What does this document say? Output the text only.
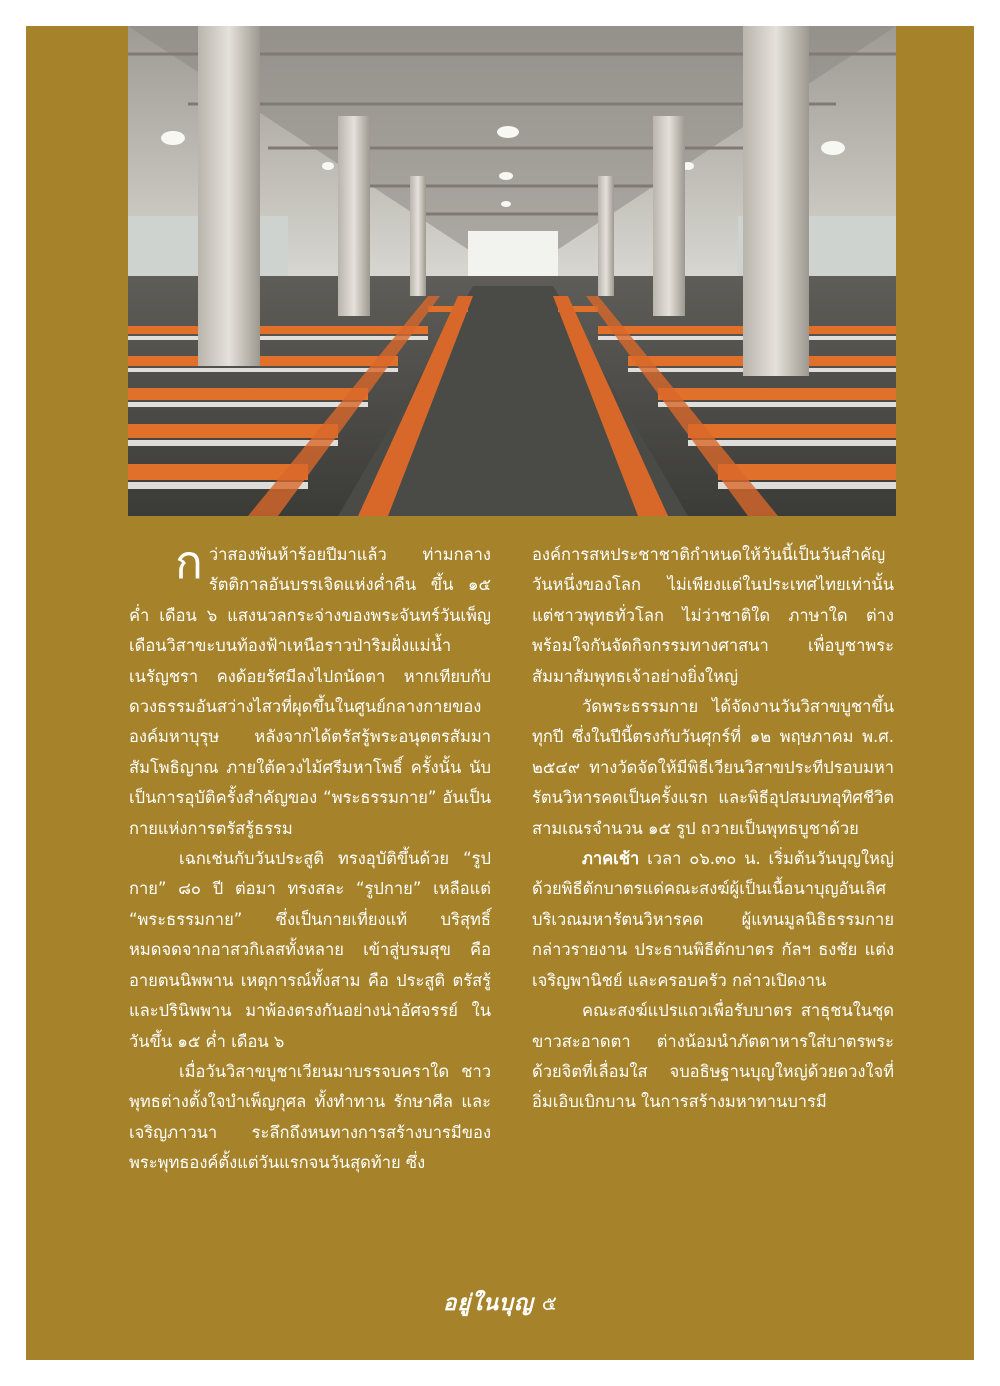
กว่าสองพันห้าร้อยปีมาแล้ว ท่ามกลางรัตติกาลอันบรรเจิดแห่งค่ำคืน ขึ้น ๑๕ ค่ำ เดือน ๖ แสงนวลกระจ่างของพระจันทร์วันเพ็ญเดือนวิสาขะบนท้องฟ้าเหนือราวป่าริมฝั่งแม่น้ำเนรัญชรา คงด้อยรัศมีลงไปถนัดตา หากเทียบกับดวงธรรมอันสว่างไสวที่ผุดขึ้นในศูนย์กลางกายขององค์มหาบุรุษ หลังจากได้ตรัสรู้พระอนุตตรสัมมาสัมโพธิญาณ ภายใต้ควงไม้ศรีมหาโพธิ์ ครั้งนั้น นับเป็นการอุบัติครั้งสำคัญของ “พระธรรมกาย” อันเป็นกายแห่งการตรัสรู้ธรรม

เฉกเช่นกับวันประสูติ ทรงอุบัติขึ้นด้วย “รูปกาย” ๘๐ ปี ต่อมา ทรงสละ “รูปกาย” เหลือแต่ “พระธรรมกาย” ซึ่งเป็นกายเที่ยงแท้ บริสุทธิ์ หมดจดจากอาสวกิเลสทั้งหลาย เข้าสู่บรมสุข คือ อายตนนิพพาน เหตุการณ์ทั้งสาม คือ ประสูติ ตรัสรู้ และปรินิพพาน มาพ้องตรงกันอย่างน่าอัศจรรย์ ในวันขึ้น ๑๕ ค่ำ เดือน ๖

เมื่อวันวิสาขบูชาเวียนมาบรรจบคราใด ชาวพุทธต่างตั้งใจบำเพ็ญกุศล ทั้งทำทาน รักษาศีล และเจริญภาวนา ระลึกถึงหนทางการสร้างบารมีของพระพุทธองค์ตั้งแต่วันแรกจนวันสุดท้าย ซึ่ง

องค์การสหประชาชาติกำหนดให้วันนี้เป็นวันสำคัญวันหนึ่งของโลก ไม่เพียงแต่ในประเทศไทยเท่านั้น แต่ชาวพุทธทั่วโลก ไม่ว่าชาติใด ภาษาใด ต่างพร้อมใจกันจัดกิจกรรมทางศาสนา เพื่อบูชาพระสัมมาสัมพุทธเจ้าอย่างยิ่งใหญ่

วัดพระธรรมกาย ได้จัดงานวันวิสาขบูชาขึ้นทุกปี ซึ่งในปีนี้ตรงกับวันศุกร์ที่ ๑๒ พฤษภาคม พ.ศ. ๒๕๔๙ ทางวัดจัดให้มีพิธีเวียนวิสาขประทีปรอบมหารัตนวิหารคดเป็นครั้งแรก และพิธีอุปสมบทอุทิศชีวิตสามเณรจำนวน ๑๕ รูป ถวายเป็นพุทธบูชาด้วย

ภาคเช้า เวลา ๐๖.๓๐ น. เริ่มต้นวันบุญใหญ่ด้วยพิธีตักบาตรแด่คณะสงฆ์ผู้เป็นเนื้อนาบุญอันเลิศบริเวณมหารัตนวิหารคด ผู้แทนมูลนิธิธรรมกาย กล่าวรายงาน ประธานพิธีตักบาตร กัลฯ ธงชัย แต่งเจริญพานิชย์ และครอบครัว กล่าวเปิดงาน

คณะสงฆ์แปรแถวเพื่อรับบาตร สาธุชนในชุดขาวสะอาดตา ต่างน้อมนำภัตตาหารใส่บาตรพระด้วยจิตที่เลื่อมใส จบอธิษฐานบุญใหญ่ด้วยดวงใจที่อิ่มเอิบเบิกบาน ในการสร้างมหาทานบารมี

อยู่ในบุญ ๕
